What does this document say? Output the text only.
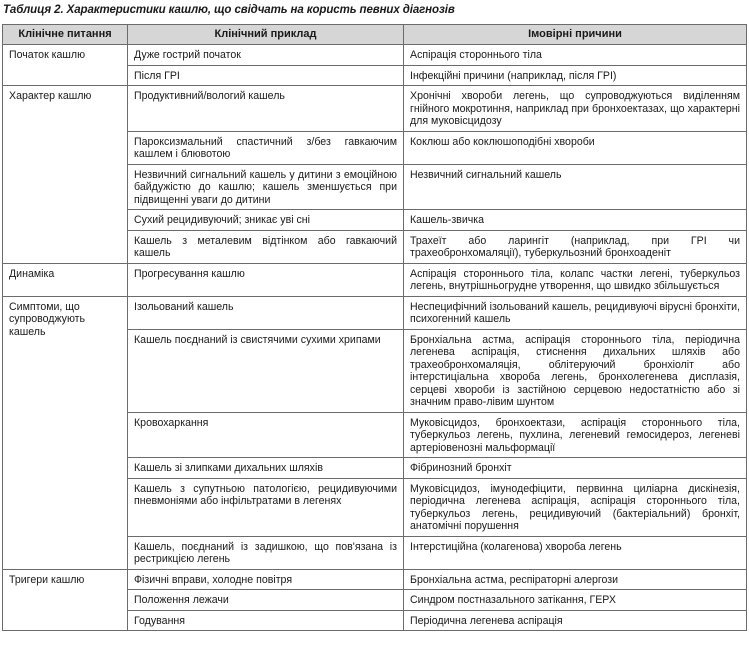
Таблиця 2. Характеристики кашлю, що свідчать на користь певних діагнозів
Клінічне питання	Клінічний приклад	Імовірні причини
Початок кашлю	Дуже гострий початок	Аспірація стороннього тіла
	Після ГРІ	Інфекційні причини (наприклад, після ГРІ)
Характер кашлю	Продуктивний/вологий кашель	Хронічні хвороби легень, що супроводжуються виділенням гнійного мокротиння, наприклад при бронхоектазах, що характерні для муковісцидозу
	Пароксизмальний спастичний з/без гавкаючим кашлем і блювотою	Коклюш або коклюшоподібні хвороби
	Незвичний сигнальний кашель у дитини з емоційною байдужістю до кашлю; кашель зменшується при підвищенні уваги до дитини	Незвичний сигнальний кашель
	Сухий рецидивуючий; зникає уві сні	Кашель-звичка
	Кашель з металевим відтінком або гавкаючий кашель	Трахеїт або ларингіт (наприклад, при ГРІ чи трахеобронхомаляції), туберкульозний бронхоаденіт
Динаміка	Прогресування кашлю	Аспірація стороннього тіла, колапс частки легені, туберкульоз легень, внутрішньогрудне утворення, що швидко збільшується
Симптоми, що супроводжують кашель	Ізольований кашель	Неспецифічний ізольований кашель, рецидивуючі вірусні бронхіти, психогенний кашель
	Кашель поєднаний із свистячими сухими хрипами	Бронхіальна астма, аспірація стороннього тіла, періодична легенева аспірація, стиснення дихальних шляхів або трахеобронхомаляція, облітеруючий бронхіоліт або інтерстиціальна хвороба легень, бронхолегенева дисплазія, серцеві хвороби із застійною серцевою недостатністю або зі значним право-лівим шунтом
	Кровохаркання	Муковісцидоз, бронхоектази, аспірація стороннього тіла, туберкульоз легень, пухлина, легеневий гемосидероз, легеневі артеріовенозні мальформації
	Кашель зі злипками дихальних шляхів	Фібринозний бронхіт
	Кашель з супутньою патологією, рецидивуючими пневмоніями або інфільтратами в легенях	Муковісцидоз, імунодефіцити, первинна циліарна дискінезія, періодична легенева аспірація, аспірація стороннього тіла, туберкульоз легень, рецидивуючий (бактеріальний) бронхіт, анатомічні порушення
	Кашель, поєднаний із задишкою, що пов'язана із рестрикцією легень	Інтерстиційна (колагенова) хвороба легень
Тригери кашлю	Фізичні вправи, холодне повітря	Бронхіальна астма, респіраторні алергози
	Положення лежачи	Синдром постназального затікання, ГЕРХ
	Годування	Періодична легенева аспірація
